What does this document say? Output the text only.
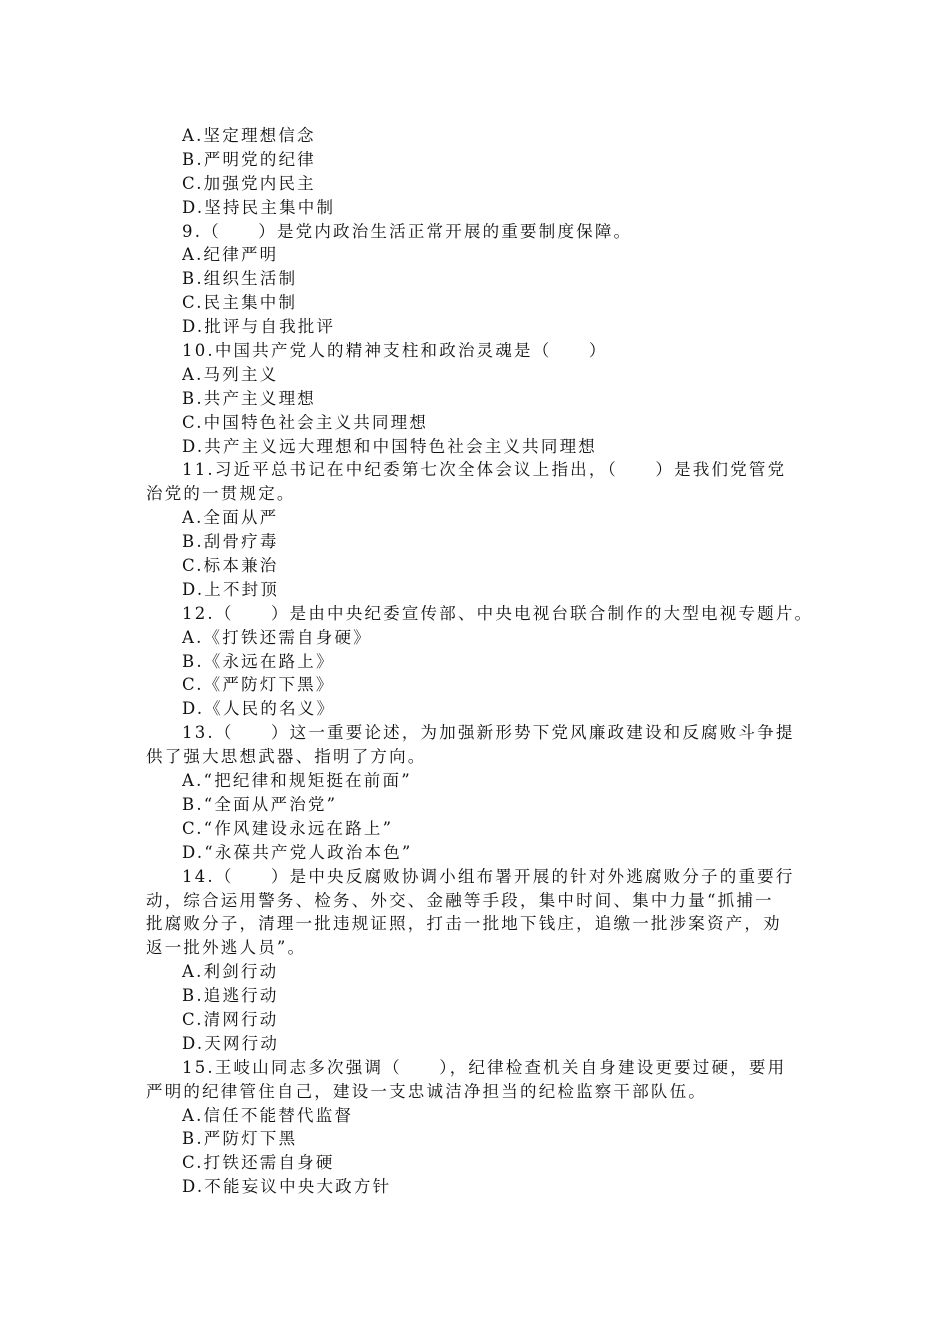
A.坚定理想信念
B.严明党的纪律
C.加强党内民主
D.坚持民主集中制
9.（　　）是党内政治生活正常开展的重要制度保障。
A.纪律严明
B.组织生活制
C.民主集中制
D.批评与自我批评
10.中国共产党人的精神支柱和政治灵魂是（　　）
A.马列主义
B.共产主义理想
C.中国特色社会主义共同理想
D.共产主义远大理想和中国特色社会主义共同理想
11.习近平总书记在中纪委第七次全体会议上指出，（　　）是我们党管党
治党的一贯规定。
A.全面从严
B.刮骨疗毒
C.标本兼治
D.上不封顶
12.（　　）是由中央纪委宣传部、中央电视台联合制作的大型电视专题片。
A.《打铁还需自身硬》
B.《永远在路上》
C.《严防灯下黑》
D.《人民的名义》
13.（　　）这一重要论述，为加强新形势下党风廉政建设和反腐败斗争提
供了强大思想武器、指明了方向。
A.“把纪律和规矩挺在前面”
B.“全面从严治党”
C.“作风建设永远在路上”
D.“永葆共产党人政治本色”
14.（　　）是中央反腐败协调小组布署开展的针对外逃腐败分子的重要行
动，综合运用警务、检务、外交、金融等手段，集中时间、集中力量“抓捕一
批腐败分子，清理一批违规证照，打击一批地下钱庄，追缴一批涉案资产，劝
返一批外逃人员”。
A.利剑行动
B.追逃行动
C.清网行动
D.天网行动
15.王岐山同志多次强调（　　），纪律检查机关自身建设更要过硬，要用
严明的纪律管住自己，建设一支忠诚洁净担当的纪检监察干部队伍。
A.信任不能替代监督
B.严防灯下黑
C.打铁还需自身硬
D.不能妄议中央大政方针
